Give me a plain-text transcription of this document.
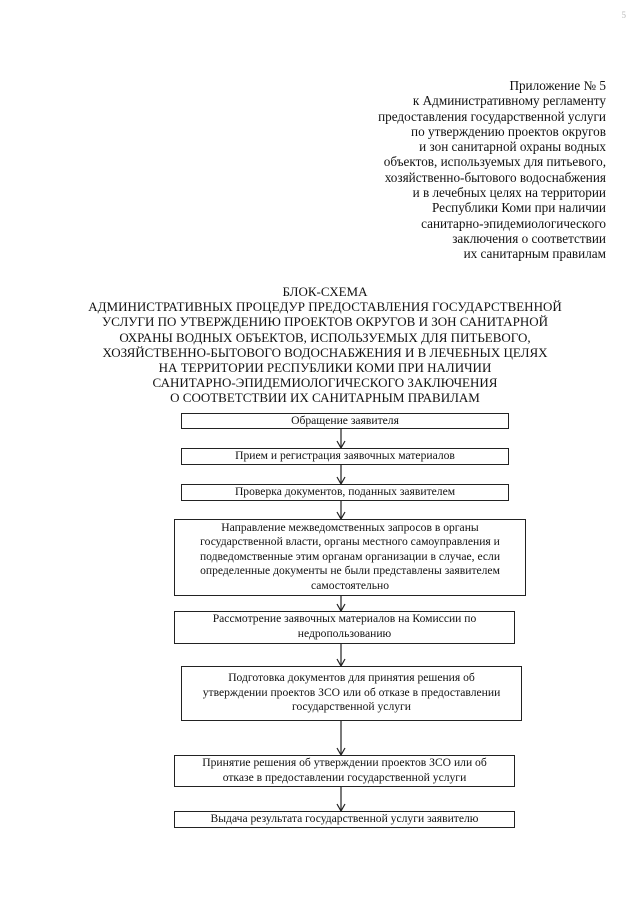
5
Приложение № 5
к Административному регламенту
предоставления государственной услуги
по утверждению проектов округов
и зон санитарной охраны водных
объектов, используемых для питьевого,
хозяйственно-бытового водоснабжения
и в лечебных целях на территории
Республики Коми при наличии
санитарно-эпидемиологического
заключения о соответствии
их санитарным правилам
БЛОК-СХЕМА
АДМИНИСТРАТИВНЫХ ПРОЦЕДУР ПРЕДОСТАВЛЕНИЯ ГОСУДАРСТВЕННОЙ
УСЛУГИ ПО УТВЕРЖДЕНИЮ ПРОЕКТОВ ОКРУГОВ И ЗОН САНИТАРНОЙ
ОХРАНЫ ВОДНЫХ ОБЪЕКТОВ, ИСПОЛЬЗУЕМЫХ ДЛЯ ПИТЬЕВОГО,
ХОЗЯЙСТВЕННО-БЫТОВОГО ВОДОСНАБЖЕНИЯ И В ЛЕЧЕБНЫХ ЦЕЛЯХ
НА ТЕРРИТОРИИ РЕСПУБЛИКИ КОМИ ПРИ НАЛИЧИИ
САНИТАРНО-ЭПИДЕМИОЛОГИЧЕСКОГО ЗАКЛЮЧЕНИЯ
О СООТВЕТСТВИИ ИХ САНИТАРНЫМ ПРАВИЛАМ
Обращение заявителя
Прием и регистрация заявочных материалов
Проверка документов, поданных заявителем
Направление межведомственных запросов в органы
государственной власти, органы местного самоуправления и
подведомственные этим органам организации в случае, если
определенные документы не были представлены заявителем
самостоятельно
Рассмотрение заявочных материалов на Комиссии по
недропользованию
Подготовка документов для принятия решения об
утверждении проектов ЗСО или об отказе в предоставлении
государственной услуги
Принятие решения об утверждении проектов ЗСО или об
отказе в предоставлении государственной услуги
Выдача результата государственной услуги заявителю
